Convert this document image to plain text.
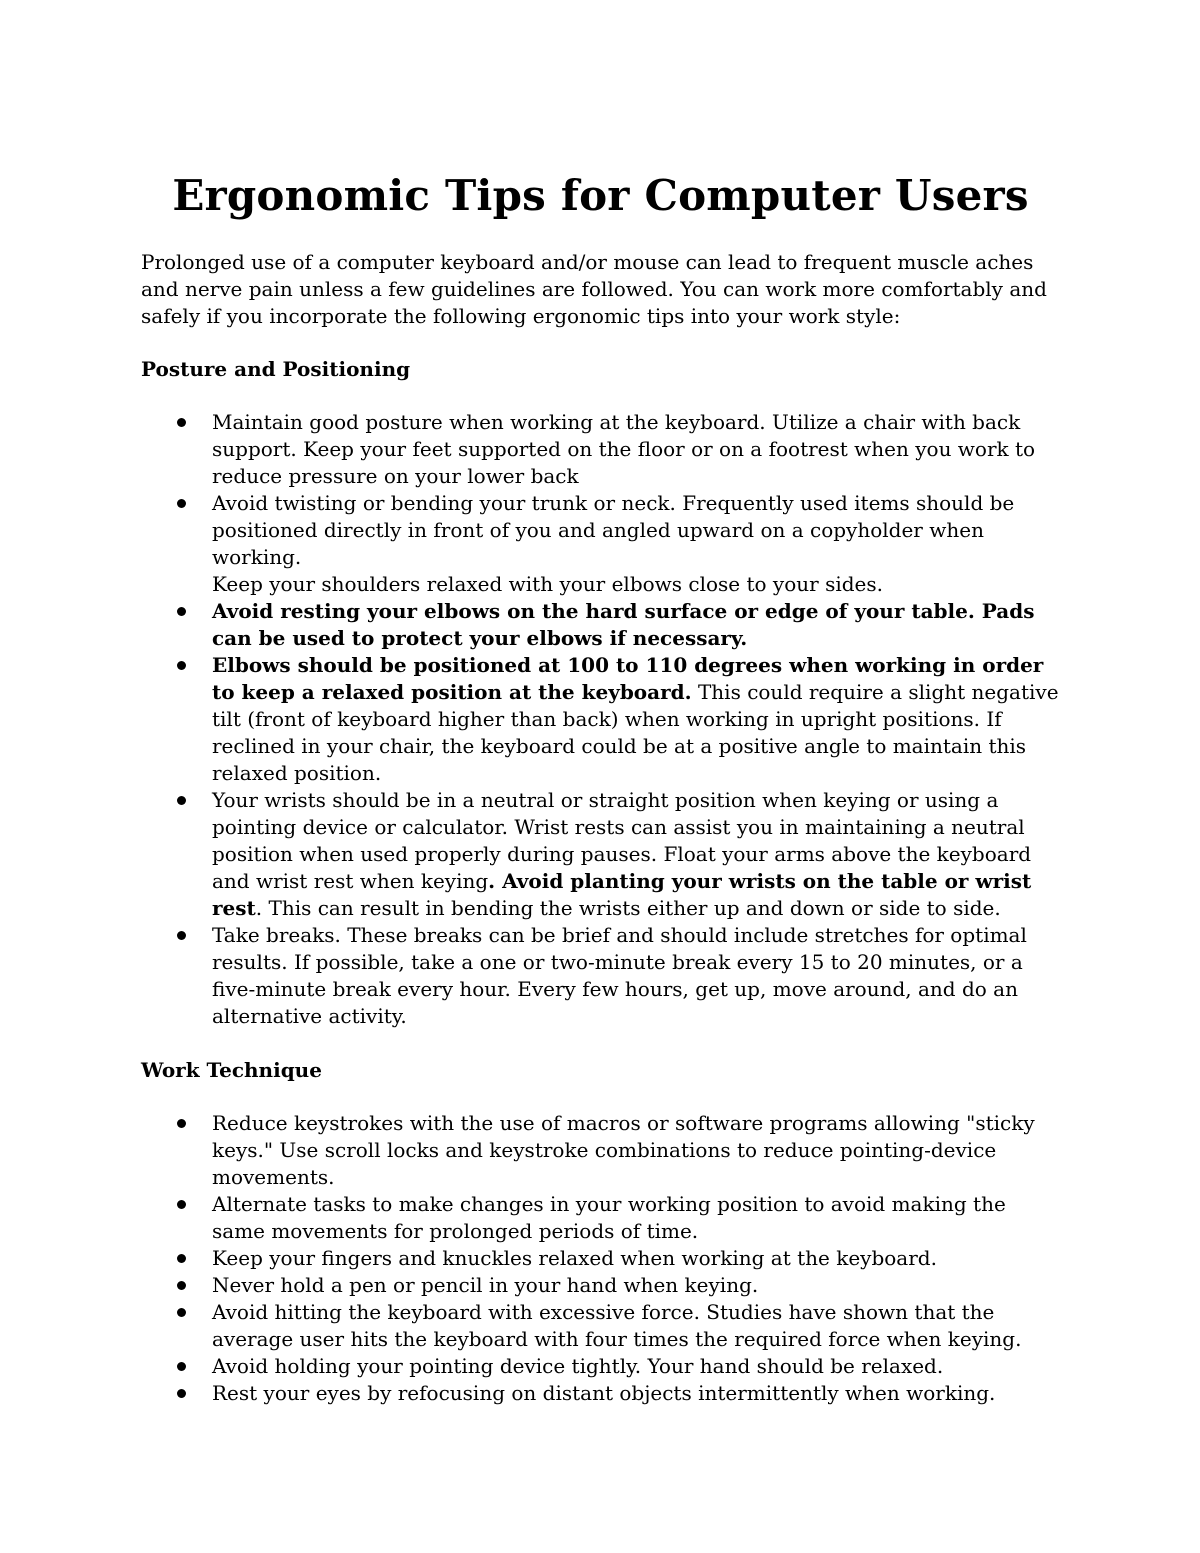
Ergonomic Tips for Computer Users

Prolonged use of a computer keyboard and/or mouse can lead to frequent muscle aches and nerve pain unless a few guidelines are followed. You can work more comfortably and safely if you incorporate the following ergonomic tips into your work style:

Posture and Positioning
Maintain good posture when working at the keyboard. Utilize a chair with back support. Keep your feet supported on the floor or on a footrest when you work to reduce pressure on your lower back
Avoid twisting or bending your trunk or neck. Frequently used items should be positioned directly in front of you and angled upward on a copyholder when working.
Keep your shoulders relaxed with your elbows close to your sides.
Avoid resting your elbows on the hard surface or edge of your table. Pads can be used to protect your elbows if necessary.
Elbows should be positioned at 100 to 110 degrees when working in order to keep a relaxed position at the keyboard. This could require a slight negative tilt (front of keyboard higher than back) when working in upright positions. If reclined in your chair, the keyboard could be at a positive angle to maintain this relaxed position.
Your wrists should be in a neutral or straight position when keying or using a pointing device or calculator. Wrist rests can assist you in maintaining a neutral position when used properly during pauses. Float your arms above the keyboard and wrist rest when keying. Avoid planting your wrists on the table or wrist rest. This can result in bending the wrists either up and down or side to side.
Take breaks. These breaks can be brief and should include stretches for optimal results. If possible, take a one or two-minute break every 15 to 20 minutes, or a five-minute break every hour. Every few hours, get up, move around, and do an alternative activity.
Work Technique
Reduce keystrokes with the use of macros or software programs allowing "sticky keys." Use scroll locks and keystroke combinations to reduce pointing-device movements.
Alternate tasks to make changes in your working position to avoid making the same movements for prolonged periods of time.
Keep your fingers and knuckles relaxed when working at the keyboard.
Never hold a pen or pencil in your hand when keying.
Avoid hitting the keyboard with excessive force. Studies have shown that the average user hits the keyboard with four times the required force when keying.
Avoid holding your pointing device tightly. Your hand should be relaxed.
Rest your eyes by refocusing on distant objects intermittently when working.
